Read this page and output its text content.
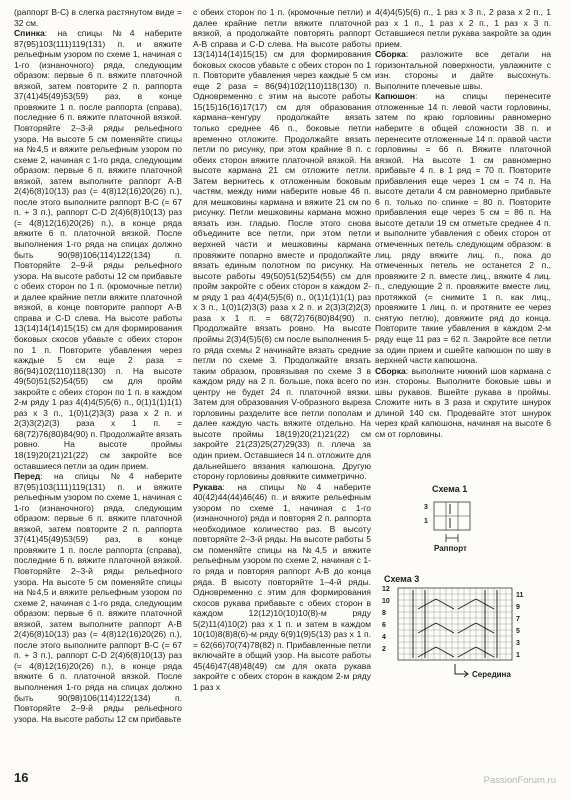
(раппорт В-С) в слегка растянутом виде = 32 см.

Спинка: на спицы №4 наберите 87(95)103(111)119(131) п. и вяжите рельефным узором по схеме 1, начиная с 1-го (изнаночного) ряда, следующим образом: первые 6 п. вяжите платочной вязкой, затем повторите 2 п. раппорта 37(41)45(49)53(59) раз, в конце провяжите 1 п. после раппорта (справа), последние 6 п. вяжите платочной вязкой. Повторяйте 2–3-й ряды рельефного узора. На высоте 5 см поменяйте спицы на №4,5 и вяжите рельефным узором по схеме 2, начиная с 1-го ряда, следующим образом: первые 6 п. вяжите платочной вязкой, затем выполните раппорт А-В 2(4)6(8)10(13) раз (= 4(8)12(16)20(26) п.), после этого выполните раппорт В-С (= 67 п. + 3 п.), раппорт С-D 2(4)6(8)10(13) раз (= 4(8)12(16)20(26) п.), в конце ряда вяжите 6 п. платочной вязкой. После выполнения 1-го ряда на спицах должно быть 90(98)106(114)122(134) п. Повторяйте 2–9-й ряды рельефного узора. На высоте работы 12 см прибавьте с обеих сторон по 1 п. (кромочные петли) и далее крайние петли вяжите платочной вязкой, в конце повторите раппорт А-В справа и С-D слева. На высоте работы 13(14)14(14)15(15) см для формирования боковых скосов убавьте с обеих сторон по 1 п. Повторите убавления через каждые 5 см еще 2 раза = 86(94)102(110)118(130) п. На высоте 49(50)51(52)54(55) см для пройм закройте с обеих сторон по 1 п. в каждом 2-м ряду 1 раз 4(4)4(5)5(6) п., 0(1)1(1)1(1) раз х 3 п., 1(0)1(2)3(3) раза х 2 п. и 2(3)3(2)2(3) раза х 1 п. = 68(72)76(80)84(90) п. Продолжайте вязать ровно. На высоте проймы 18(19)20(21)21(22) см закройте все оставшиеся петли за один прием.

Перед: на спицы №4 наберите 87(95)103(111)119(131) п. и вяжите рельефным узором по схеме 1, начиная с 1-го (изнаночного) ряда, следующим образом: первые 6 п. вяжите платочной вязкой, затем повторите 2 п. раппорта 37(41)45(49)53(59) раз, в конце провяжите 1 п. после раппорта (справа), последние 6 п. вяжите платочной вязкой. Повторяйте 2–3-й ряды рельефного узора. На высоте 5 см поменяйте спицы на №4,5 и вяжите рельефным узором по схеме 2, начиная с 1-го ряда, следующим образом: первые 6 п. вяжите платочной вязкой, затем выполните раппорт А-В 2(4)6(8)10(13) раз (= 4(8)12(16)20(26) п.), после этого выполните раппорт В-С (= 67 п. + 3 п.), раппорт С-D 2(4)6(8)10(13) раз (= 4(8)12(16)20(26) п.), в конце ряда вяжите 6 п. платочной вязкой. После выполнения 1-го ряда на спицах должно быть 90(98)106(114)122(134) п. Повторяйте 2–9-й ряды рельефного узора. На высоте работы 12 см прибавьте

с обеих сторон по 1 п. (кромочные петли) и далее крайние петли вяжите платочной вязкой, а продолжайте повторять раппорт А-В справа и С-D слева. На высоте работы 13(14)14(14)15(15) см для формирования боковых скосов убавьте с обеих сторон по 1 п. Повторите убавления через каждые 5 см еще 2 раза = 86(94)102(110)118(130) п. Одновременно с этим на высоте работы 15(15)16(16)17(17) см для образования кармана–кенгуру продолжайте вязать только среднее 46 п., боковые петли временно отложите. Продолжайте вязать петли по рисунку, при этом крайние 8 п. с обеих сторон вяжите платочной вязкой. На высоте кармана 21 см отложите петли. Затем вернитесь к отложенным боковым частям, между ними наберите новые 46 п. для мешковины кармана и вяжите 21 см по рисунку. Петли мешковины кармана можно вязать изн. гладью. После этого снова объедините все петли, при этом петли верхней части и мешковины кармана провяжите попарно вместе и продолжайте вязать единым полотном по рисунку. На высоте работы 49(50)51(52)54(55) см для пройм закройте с обеих сторон в каждом 2-м ряду 1 раз 4(4)4(5)5(6) п., 0(1)1(1)1(1) раз х 3 п., 1(0)1(2)3(3) раза х 2 п. и 2(3)3(2)2(3) раза х 1 п. = 68(72)76(80)84(90) п. Продолжайте вязать ровно. На высоте проймы 2(3)4(5)5(6) см после выполнения 5-го ряда схемы 2 начинайте вязать средние петли по схеме 3. Продолжайте вязать таким образом, провязывая по схеме 3 в каждом ряду на 2 п. больше, пока всего по центру не будет 24 п. платочной вязки. Затем для образования V-образного выреза горловины разделите все петли пополам и далее каждую часть вяжите отдельно. На высоте проймы 18(19)20(21)21(22) см закройте 21(23)25(27)29(33) п. плеча за один прием. Оставшиеся 14 п. отложите для дальнейшего вязания капюшона. Другую сторону горловины довяжите симметрично.

Рукава: на спицы №4 наберите 40(42)44(44)46(46) п. и вяжите рельефным узором по схеме 1, начиная с 1-го (изнаночного) ряда и повторяя 2 п. раппорта необходимое количество раз. В высоту повторяйте 2–3-й ряды. На высоте работы 5 см поменяйте спицы на №4,5 и вяжите рельефным узором по схеме 2, начиная с 1-го ряда и повторяя раппорт А-В до конца ряда. В высоту повторяйте 1–4-й ряды. Одновременно с этим для формирования скосов рукава прибавьте с обеих сторон в каждом 12(12)10(10)10(8)-м ряду 5(2)11(4)10(2) раз х 1 п. и затем в каждом 10(10)8(8)8(6)-м ряду 6(9)1(9)5(13) раз х 1 п. = 62(66)70(74)78(82) п. Прибавленные петли включайте в общий узор. На высоте работы 45(46)47(48)48(49) см для оката рукава закройте с обеих сторон в каждом 2-м ряду 1 раз х

4(4)4(5)5(6) п., 1 раз х 3 п., 2 раза х 2 п., 1 раз х 1 п., 1 раз х 2 п., 1 раз х 3 п. Оставшиеся петли рукава закройте за один прием.

Сборка: разложите все детали на горизонтальной поверхности, увлажните с изн. стороны и дайте высохнуть. Выполните плечевые швы.

Капюшон: на спицы перенесите отложенные 14 п. левой части горловины, затем по краю горловины равномерно наберите в общей сложности 38 п. и перенесите отложенные 14 п. правой части горловины = 66 п. Вяжите платочной вязкой. На высоте 1 см равномерно прибавьте 4 п. в 1 ряд = 70 п. Повторите прибавления еще через 1 см = 74 п. На высоте детали 4 см равномерно прибавьте 6 п. только по спинке = 80 п. Повторите прибавления еще через 5 см = 86 п. На высоте детали 19 см отметьте среднее 4 п. и выполните убавления с обеих сторон от отмеченных петель следующим образом: в лиц. ряду вяжите лиц. п., пока до отмеченных петель не останется 2 п., провяжите 2 п. вместе лиц., вяжите 4 лиц. п., следующие 2 п. провяжите вместе лиц. протяжкой (= снимите 1 п. как лиц., провяжите 1 лиц. п. и протяните ее через снятую петлю), довяжите ряд до конца. Повторите такие убавления в каждом 2-м ряду еще 11 раз = 62 п. Закройте все петли за один прием и сшейте капюшон по шву в верхней части капюшона.

Сборка: выполните нижний шов кармана с изн. стороны. Выполните боковые швы и швы рукавов. Вшейте рукава в проймы. Сложите нить в 3 раза и скрутите шнурок длиной 140 см. Продевайте этот шнурок через край капюшона, начиная на высоте 6 см от горловины.

Схема 1
3
1
Раппорт
Схема 3
12
10
8
6
4
2
11
9
7
5
3
1
Середина
16	PassionForum.ru
